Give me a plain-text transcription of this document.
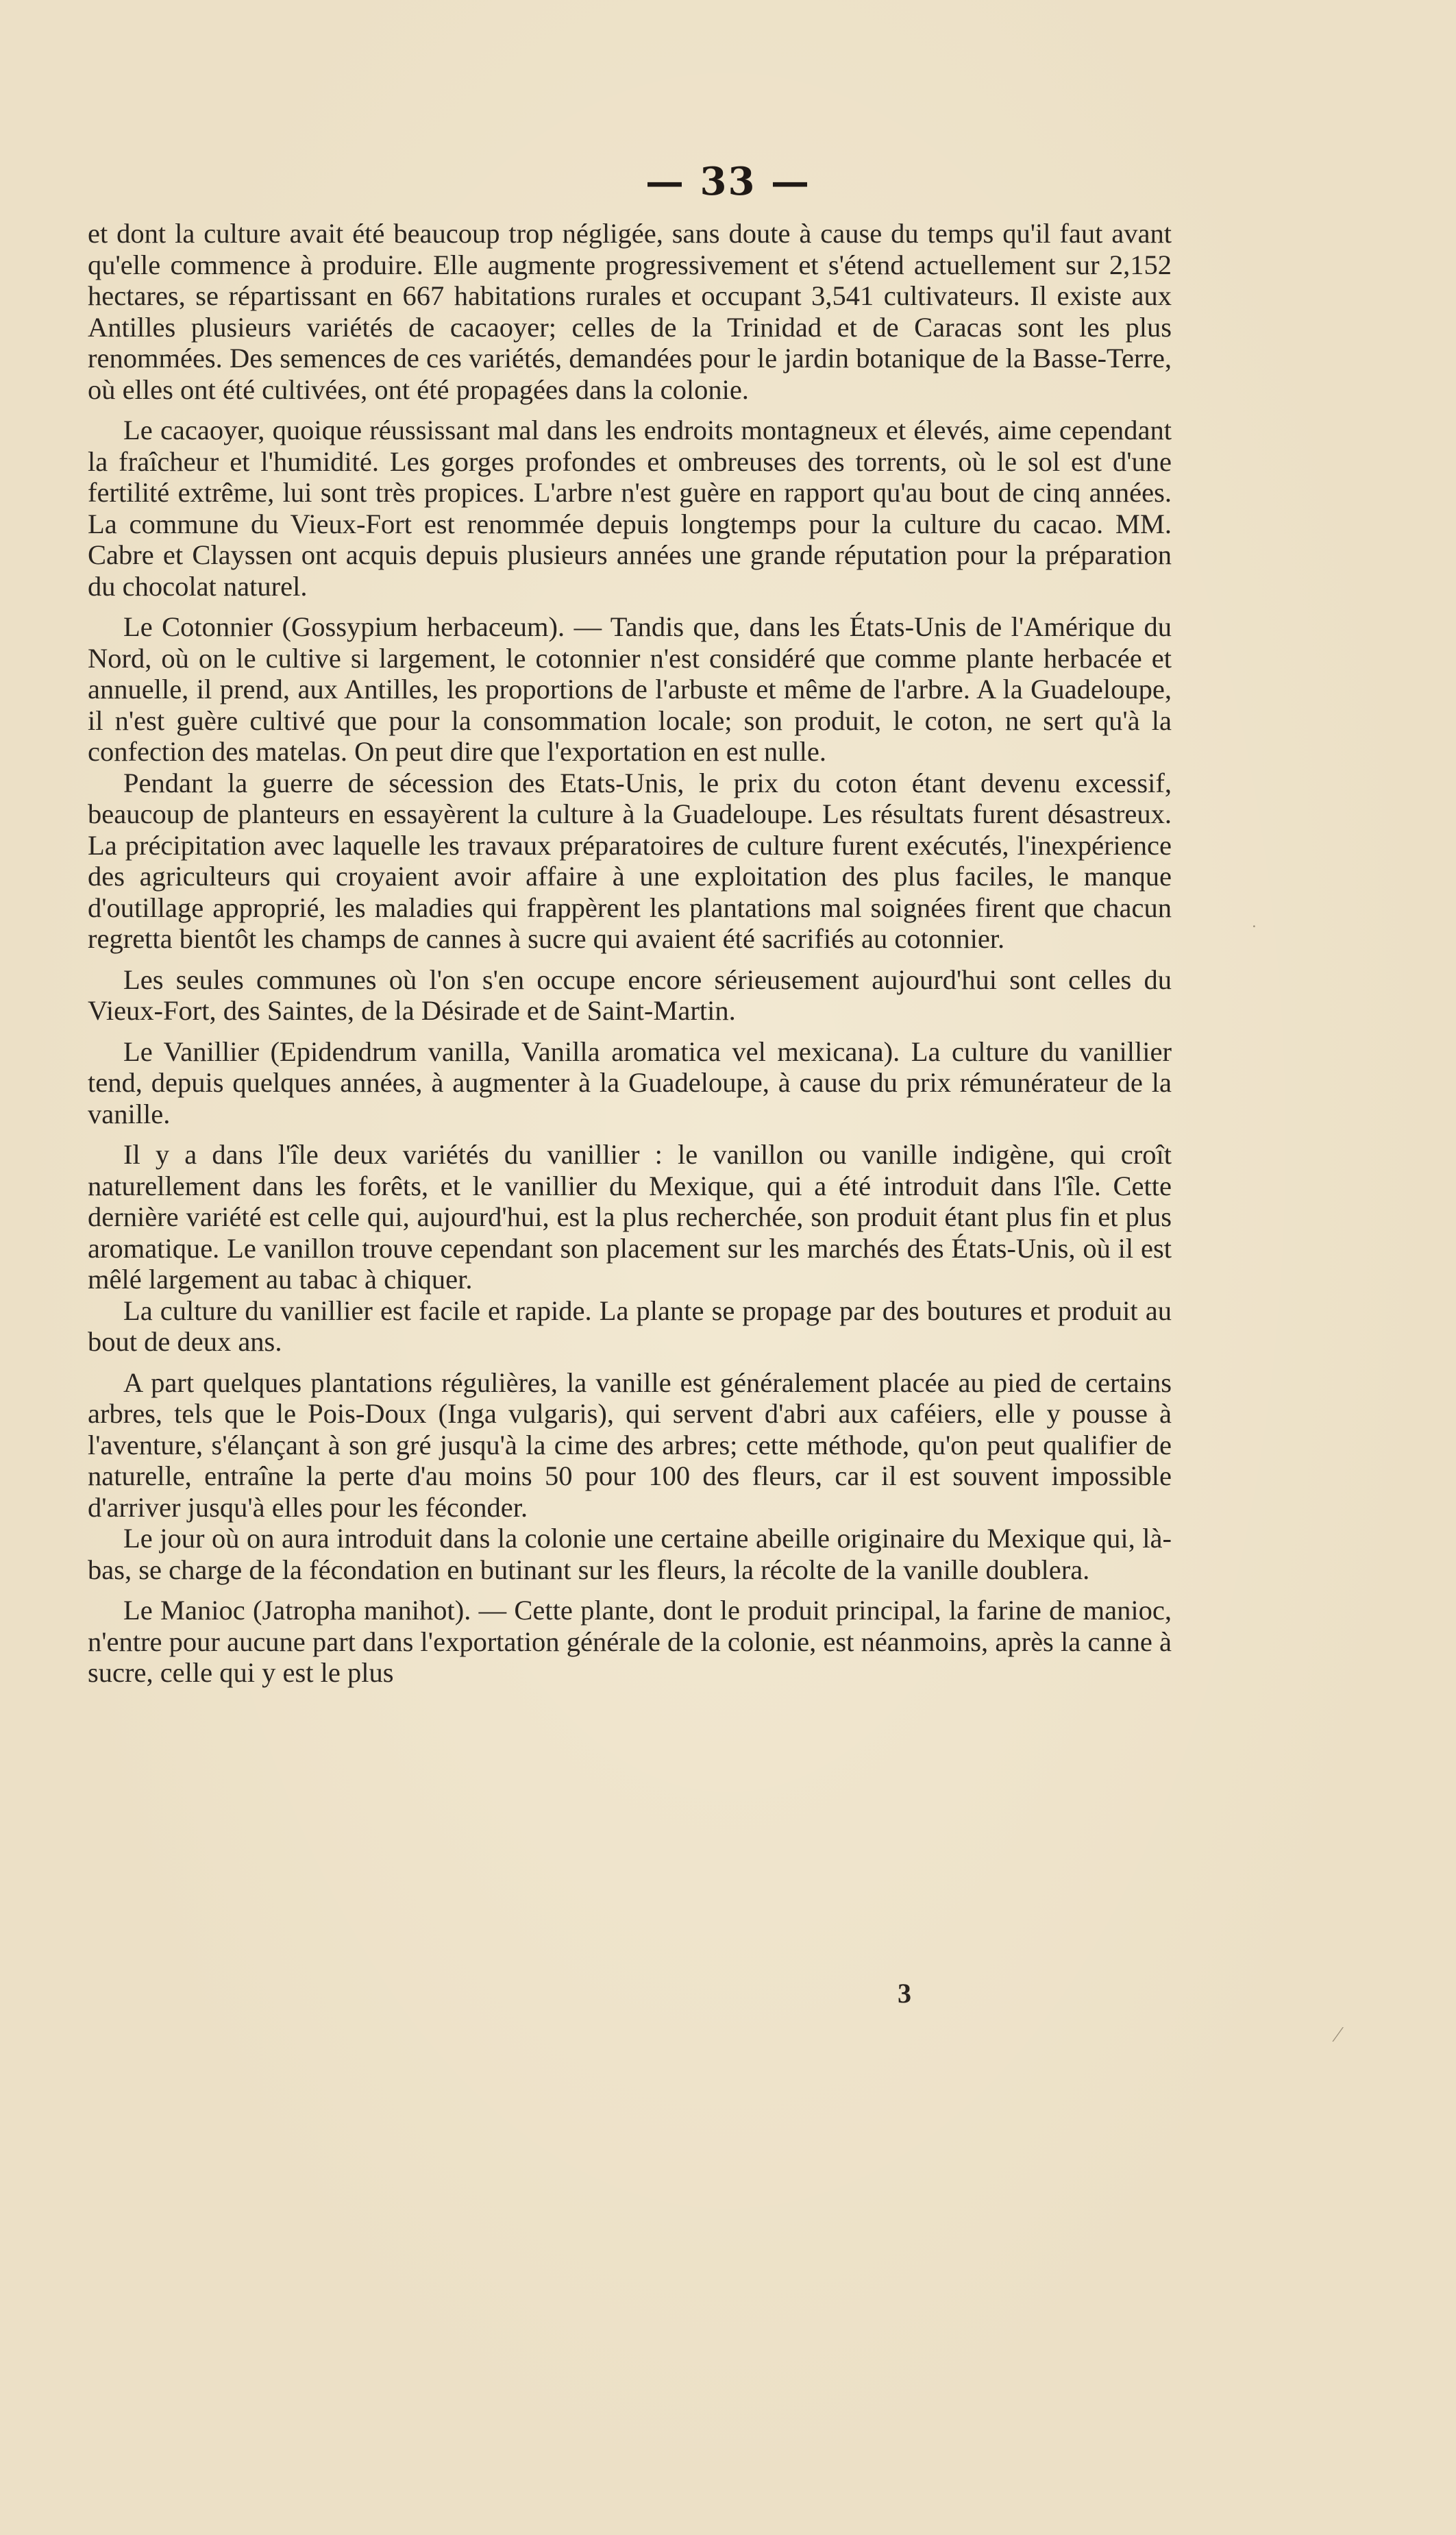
— 33 —

et dont la culture avait été beaucoup trop négligée, sans doute à cause du temps qu'il faut avant qu'elle commence à produire. Elle augmente progressivement et s'étend actuellement sur 2,152 hectares, se répartissant en 667 habitations rurales et occupant 3,541 cultivateurs. Il existe aux Antilles plusieurs variétés de cacaoyer; celles de la Trinidad et de Caracas sont les plus renommées. Des semences de ces variétés, demandées pour le jardin botanique de la Basse-Terre, où elles ont été cultivées, ont été propagées dans la colonie.

Le cacaoyer, quoique réussissant mal dans les endroits montagneux et élevés, aime cependant la fraîcheur et l'humidité. Les gorges profondes et ombreuses des torrents, où le sol est d'une fertilité extrême, lui sont très propices. L'arbre n'est guère en rapport qu'au bout de cinq années. La commune du Vieux-Fort est renommée depuis longtemps pour la culture du cacao. MM. Cabre et Clayssen ont acquis depuis plusieurs années une grande réputation pour la préparation du chocolat naturel.

Le Cotonnier (Gossypium herbaceum). — Tandis que, dans les États-Unis de l'Amérique du Nord, où on le cultive si largement, le cotonnier n'est considéré que comme plante herbacée et annuelle, il prend, aux Antilles, les proportions de l'arbuste et même de l'arbre. A la Guadeloupe, il n'est guère cultivé que pour la consommation locale; son produit, le coton, ne sert qu'à la confection des matelas. On peut dire que l'exportation en est nulle.

Pendant la guerre de sécession des Etats-Unis, le prix du coton étant devenu excessif, beaucoup de planteurs en essayèrent la culture à la Guadeloupe. Les résultats furent désastreux. La précipitation avec laquelle les travaux préparatoires de culture furent exécutés, l'inexpérience des agriculteurs qui croyaient avoir affaire à une exploitation des plus faciles, le manque d'outillage approprié, les maladies qui frappèrent les plantations mal soignées firent que chacun regretta bientôt les champs de cannes à sucre qui avaient été sacrifiés au cotonnier.

Les seules communes où l'on s'en occupe encore sérieusement aujourd'hui sont celles du Vieux-Fort, des Saintes, de la Désirade et de Saint-Martin.

Le Vanillier (Epidendrum vanilla, Vanilla aromatica vel mexicana). La culture du vanillier tend, depuis quelques années, à augmenter à la Guadeloupe, à cause du prix rémunérateur de la vanille.

Il y a dans l'île deux variétés du vanillier : le vanillon ou vanille indigène, qui croît naturellement dans les forêts, et le vanillier du Mexique, qui a été introduit dans l'île. Cette dernière variété est celle qui, aujourd'hui, est la plus recherchée, son produit étant plus fin et plus aromatique. Le vanillon trouve cependant son placement sur les marchés des États-Unis, où il est mêlé largement au tabac à chiquer.

La culture du vanillier est facile et rapide. La plante se propage par des boutures et produit au bout de deux ans.

A part quelques plantations régulières, la vanille est généralement placée au pied de certains arbres, tels que le Pois-Doux (Inga vulgaris), qui servent d'abri aux caféiers, elle y pousse à l'aventure, s'élançant à son gré jusqu'à la cime des arbres; cette méthode, qu'on peut qualifier de naturelle, entraîne la perte d'au moins 50 pour 100 des fleurs, car il est souvent impossible d'arriver jusqu'à elles pour les féconder.

Le jour où on aura introduit dans la colonie une certaine abeille originaire du Mexique qui, là-bas, se charge de la fécondation en butinant sur les fleurs, la récolte de la vanille doublera.

Le Manioc (Jatropha manihot). — Cette plante, dont le produit principal, la farine de manioc, n'entre pour aucune part dans l'exportation générale de la colonie, est néanmoins, après la canne à sucre, celle qui y est le plus

3
⁄
˙
